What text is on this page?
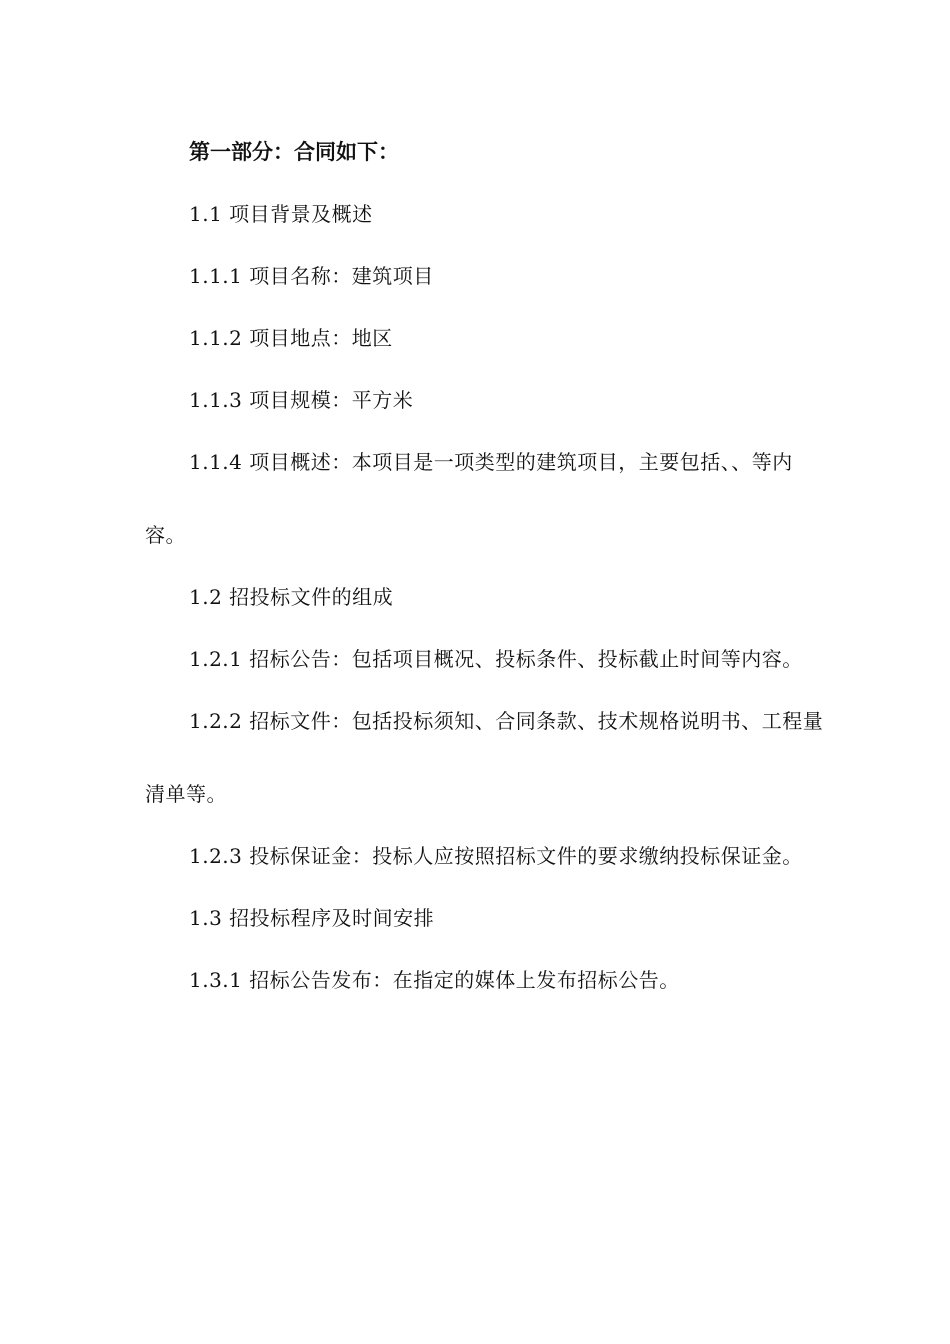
第一部分：合同如下：

1.1 项目背景及概述

1.1.1 项目名称：建筑项目

1.1.2 项目地点：地区

1.1.3 项目规模：平方米

1.1.4 项目概述：本项目是一项类型的建筑项目，主要包括、、等内容。

1.2 招投标文件的组成

1.2.1 招标公告：包括项目概况、投标条件、投标截止时间等内容。

1.2.2 招标文件：包括投标须知、合同条款、技术规格说明书、工程量清单等。

1.2.3 投标保证金：投标人应按照招标文件的要求缴纳投标保证金。

1.3 招投标程序及时间安排

1.3.1 招标公告发布：在指定的媒体上发布招标公告。
